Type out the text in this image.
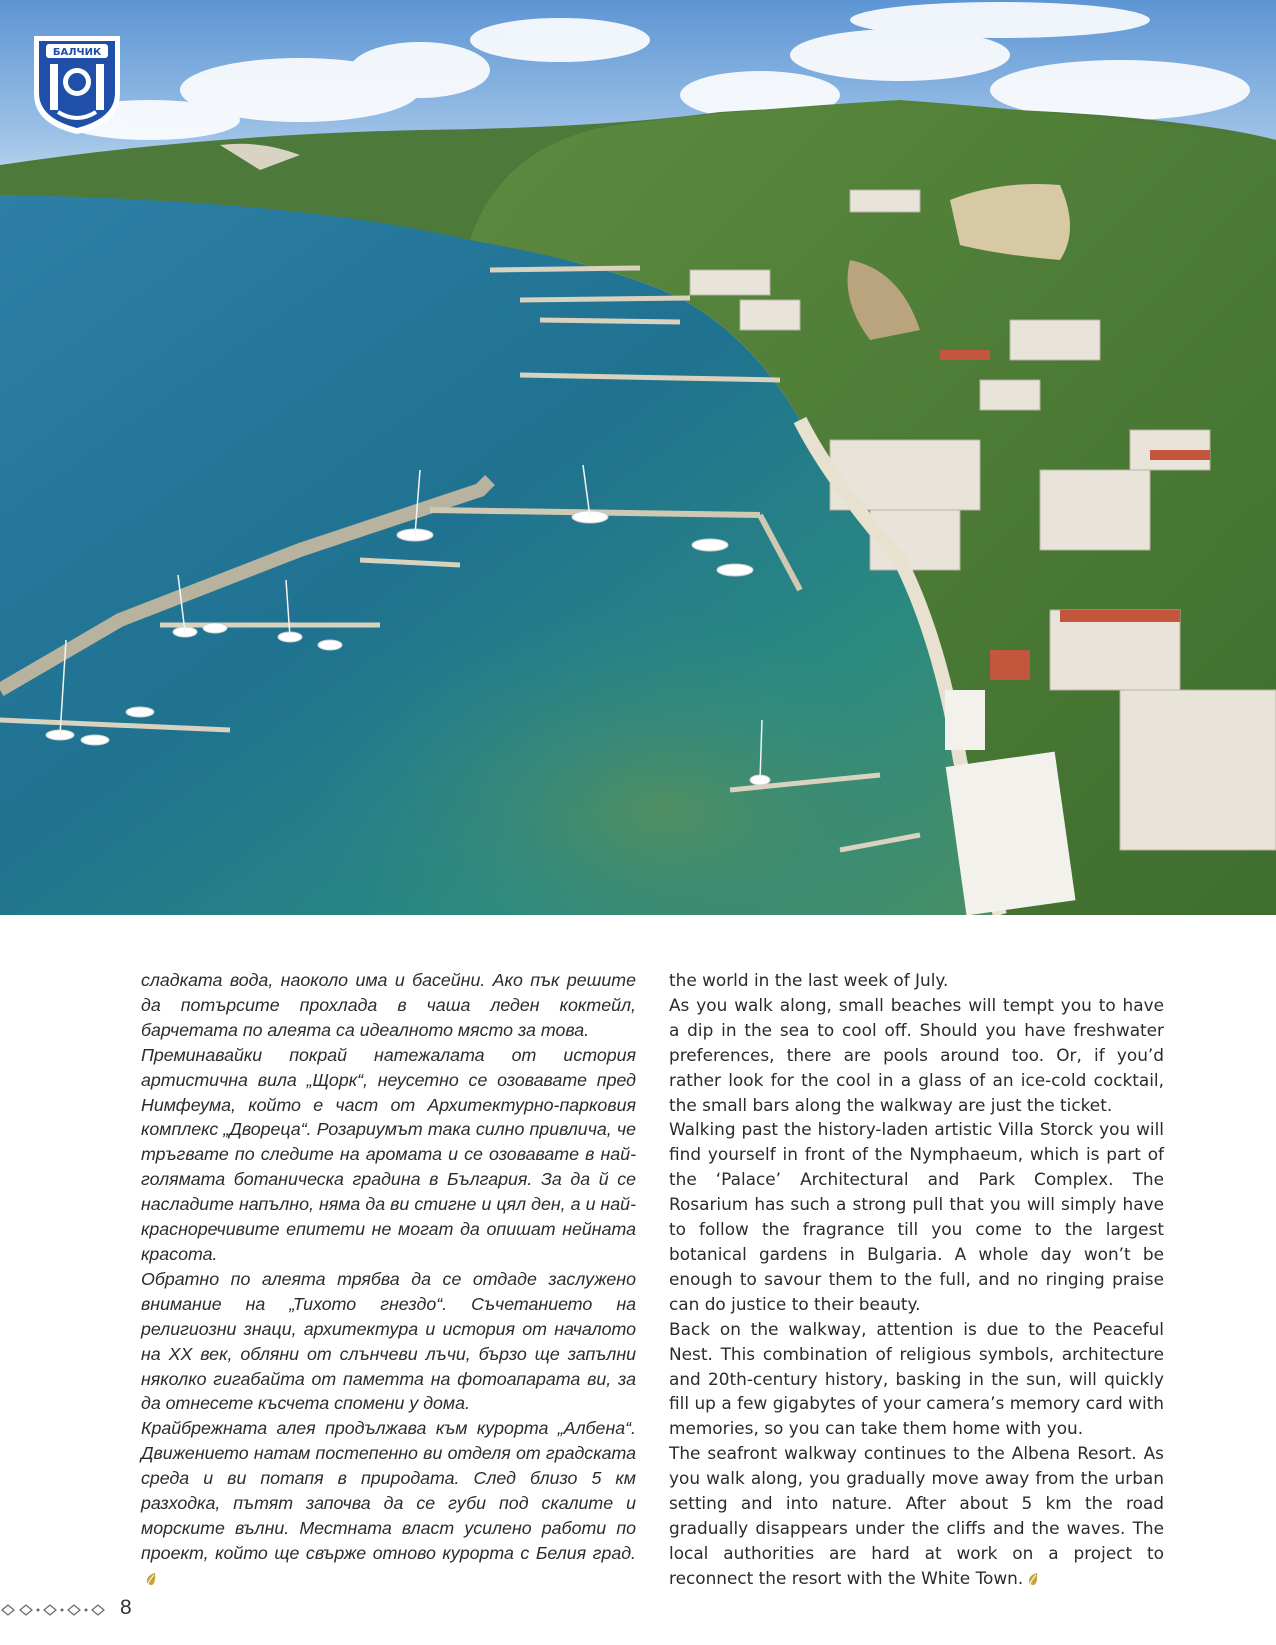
БАЛЧИК

сладката вода, наоколо има и басейни. Ако пък решите да потърсите прохлада в чаша леден коктейл, барчетата по алеята са идеалното място за това.

Преминавайки покрай натежалата от история артистична вила „Щорк“, неусетно се озовавате пред Нимфеума, който е част от Архитектурно-парковия комплекс „Двореца“. Розариумът така силно привлича, че тръгвате по следите на аромата и се озовавате в най-голямата ботаническа градина в България. За да й се насладите напълно, няма да ви стигне и цял ден, а и най-красноречивите епитети не могат да опишат нейната красота.

Обратно по алеята трябва да се отдаде заслужено внимание на „Тихото гнездо“. Съчетанието на религиозни знаци, архитектура и история от началото на XX век, обляни от слънчеви лъчи, бързо ще запълни няколко гигабайта от паметта на фотоапарата ви, за да отнесете късчета спомени у дома.

Крайбрежната алея продължава към курорта „Албена“. Движението натам постепенно ви отделя от градската среда и ви потапя в природата. След близо 5 км разходка, пътят започва да се губи под скалите и морските вълни. Местната власт усилено работи по проект, който ще свърже отново курорта с Белия град.

the world in the last week of July.

As you walk along, small beaches will tempt you to have a dip in the sea to cool off. Should you have freshwater preferences, there are pools around too. Or, if you’d rather look for the cool in a glass of an ice-cold cocktail, the small bars along the walkway are just the ticket.

Walking past the history-laden artistic Villa Storck you will find yourself in front of the Nymphaeum, which is part of the ‘Palace’ Architectural and Park Complex. The Rosarium has such a strong pull that you will simply have to follow the fragrance till you come to the largest botanical gardens in Bulgaria. A whole day won’t be enough to savour them to the full, and no ringing praise can do justice to their beauty.

Back on the walkway, attention is due to the Peaceful Nest. This combination of religious symbols, architecture and 20th-century history, basking in the sun, will quickly fill up a few gigabytes of your camera’s memory card with memories, so you can take them home with you.

The seafront walkway continues to the Albena Resort. As you walk along, you gradually move away from the urban setting and into nature. After about 5 km the road gradually disappears under the cliffs and the waves. The local authorities are hard at work on a project to reconnect the resort with the White Town.

8
